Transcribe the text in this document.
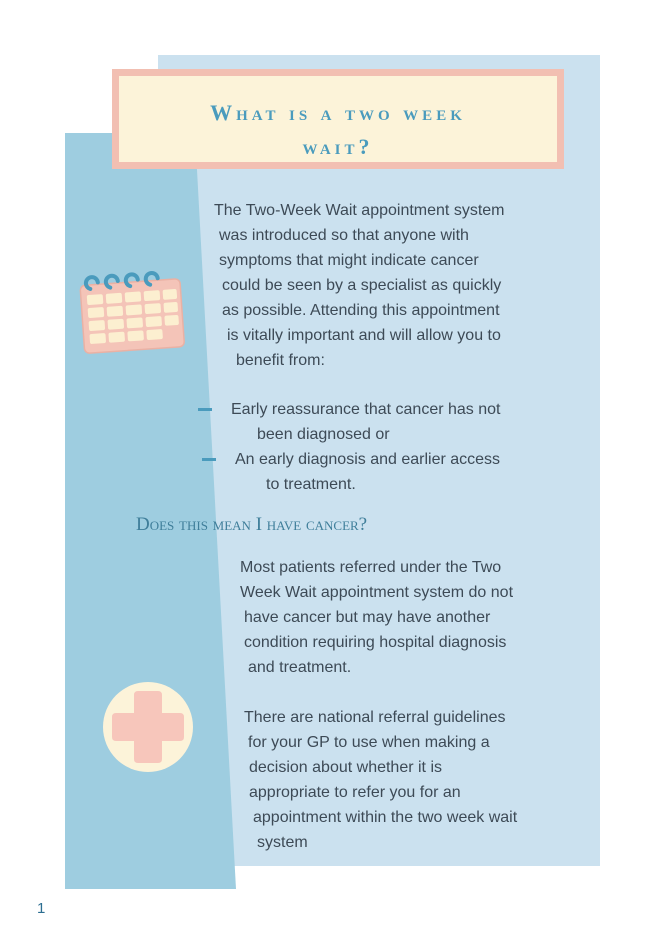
What is a two week
wait?
The Two-Week Wait appointment system
was introduced so that anyone with
symptoms that might indicate cancer
could be seen by a specialist as quickly
as possible. Attending this appointment
is vitally important and will allow you to
benefit from:
Early reassurance that cancer has not
been diagnosed or
An early diagnosis and earlier access
to treatment.
Does this mean I have cancer?
Most patients referred under the Two
Week Wait appointment system do not
have cancer but may have another
condition requiring hospital diagnosis
and treatment.
There are national referral guidelines
for your GP to use when making a
decision about whether it is
appropriate to refer you for an
appointment within the two week wait
system
1
